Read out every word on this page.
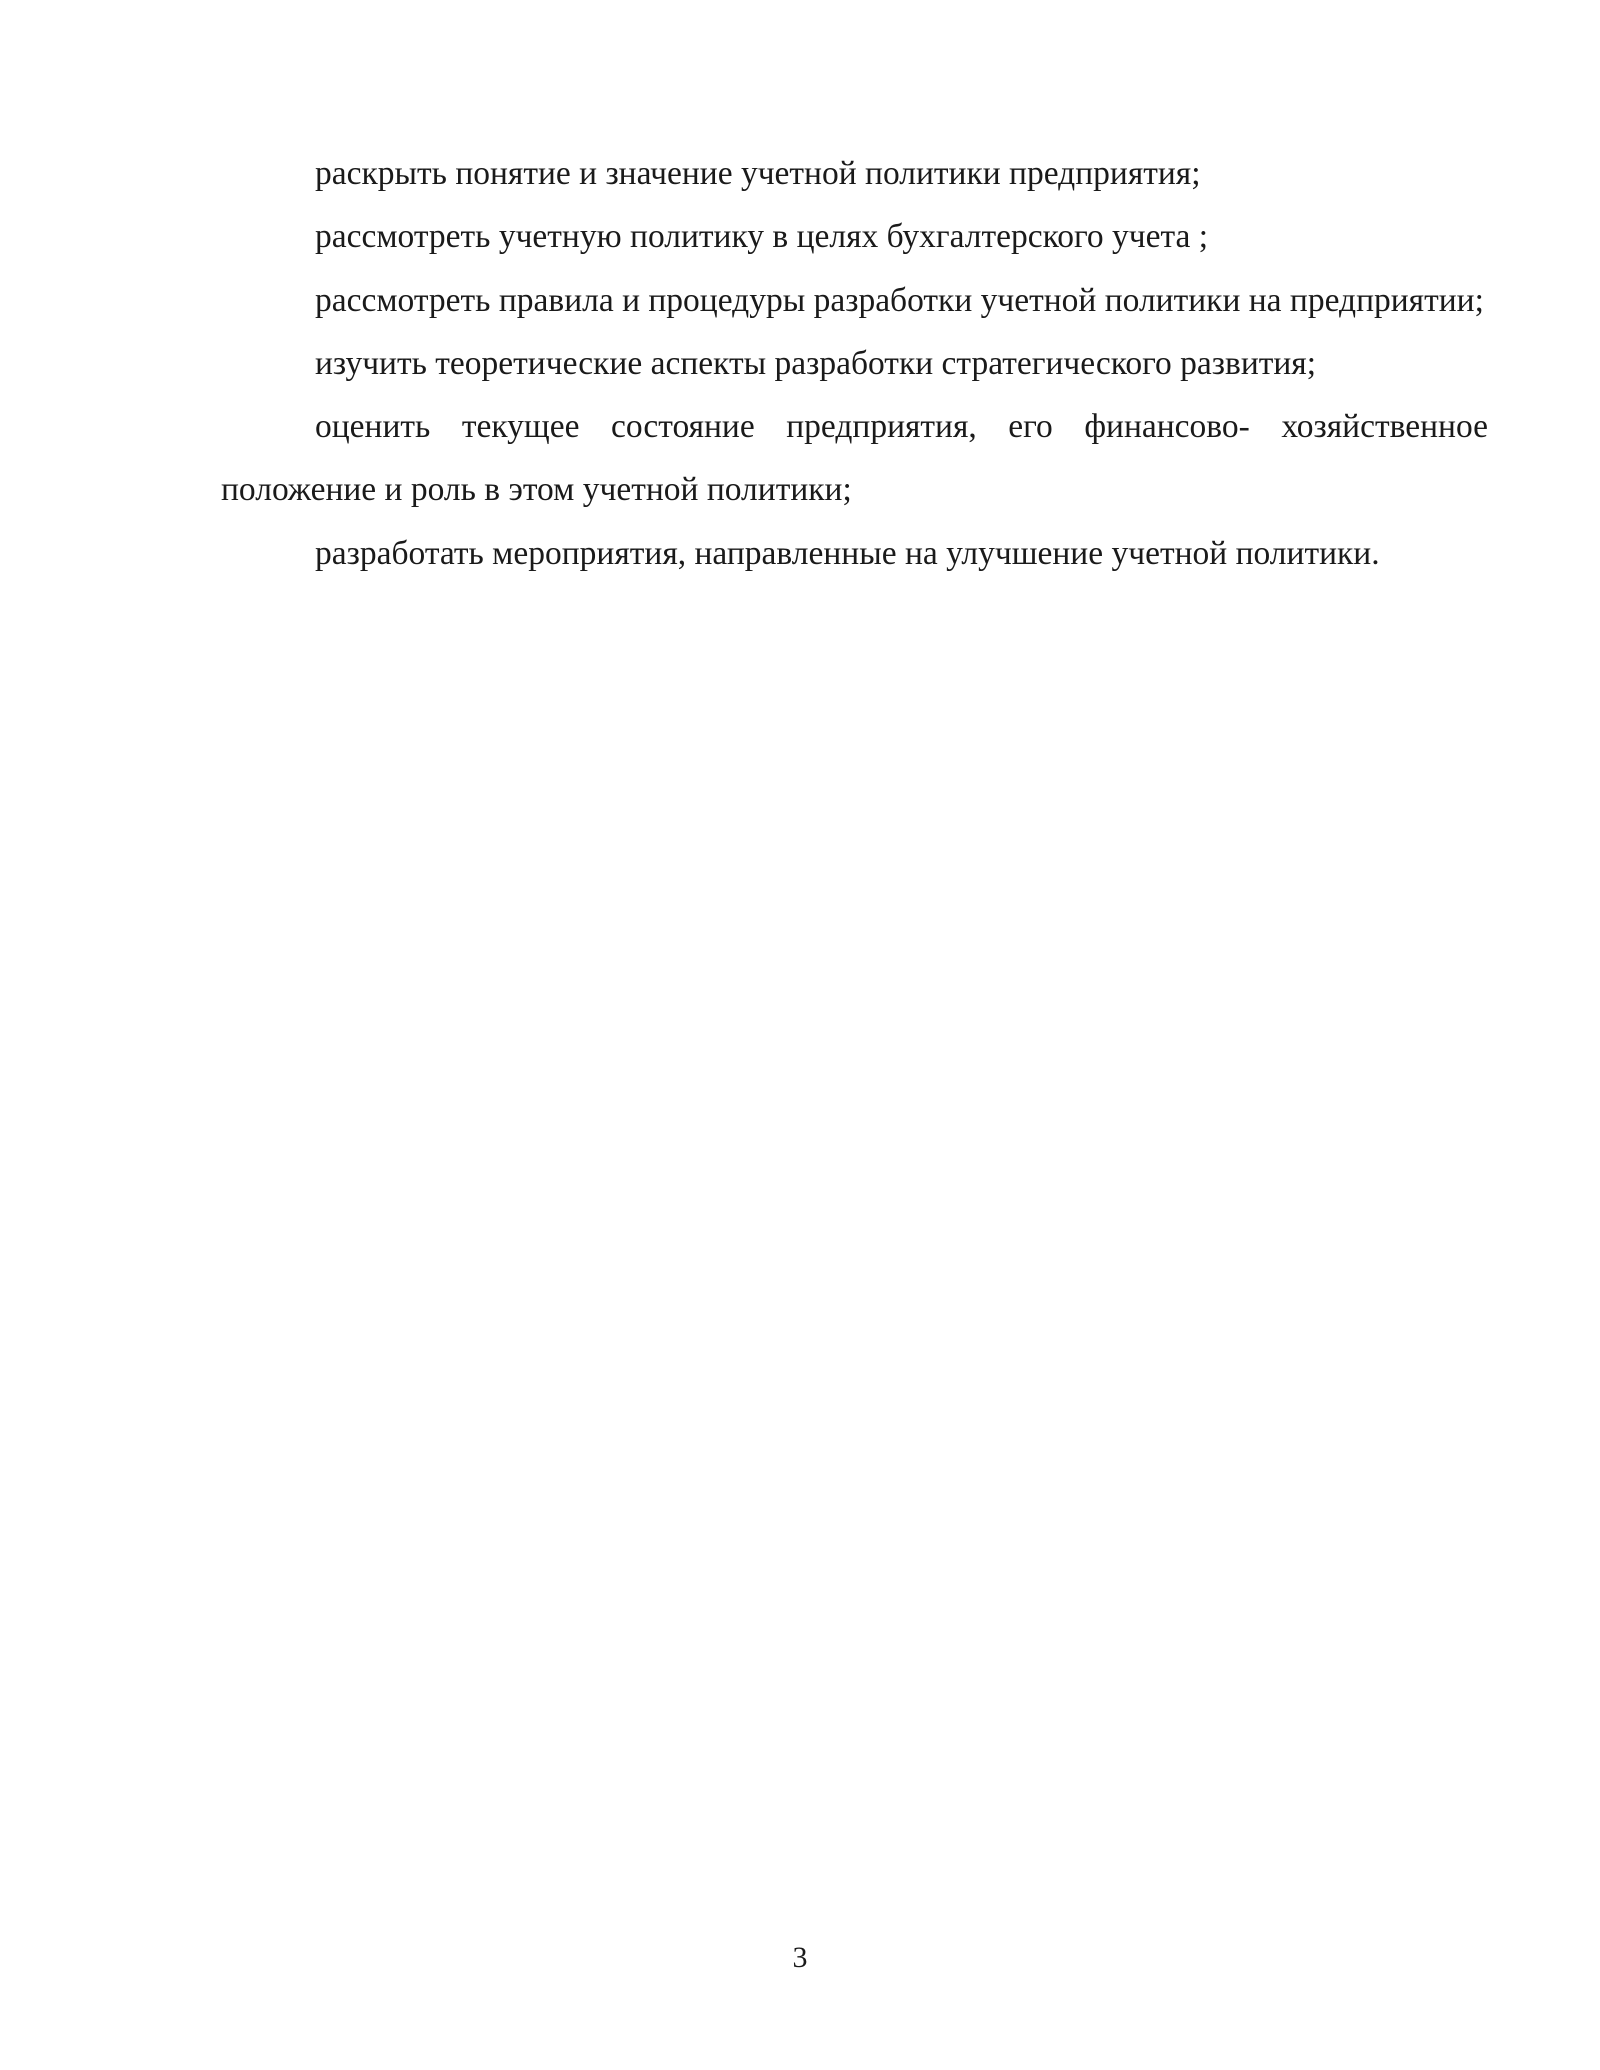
раскрыть понятие и значение учетной политики предприятия;

рассмотреть учетную политику в целях бухгалтерского учета ;

рассмотреть правила и процедуры разработки учетной политики на предприятии;

изучить теоретические аспекты разработки стратегического развития;

оценить текущее состояние предприятия, его финансово- хозяйственное положение и роль в этом учетной политики;

разработать мероприятия, направленные на улучшение учетной политики.

3
